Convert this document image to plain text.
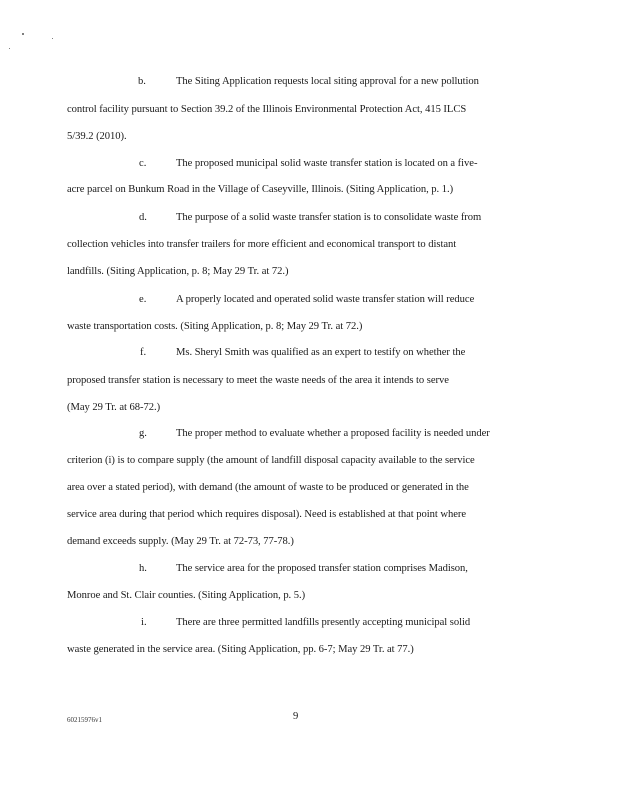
b.	The Siting Application requests local siting approval for a new pollution
control facility pursuant to Section 39.2 of the Illinois Environmental Protection Act, 415 ILCS
5/39.2 (2010).
c.	The proposed municipal solid waste transfer station is located on a five-
acre parcel on Bunkum Road in the Village of Caseyville, Illinois. (Siting Application, p. 1.)
d.	The purpose of a solid waste transfer station is to consolidate waste from
collection vehicles into transfer trailers for more efficient and economical transport to distant
landfills. (Siting Application, p. 8; May 29 Tr. at 72.)
e.	A properly located and operated solid waste transfer station will reduce
waste transportation costs. (Siting Application, p. 8; May 29 Tr. at 72.)
f.	Ms. Sheryl Smith was qualified as an expert to testify on whether the
proposed transfer station is necessary to meet the waste needs of the area it intends to serve
(May 29 Tr. at 68-72.)
g.	The proper method to evaluate whether a proposed facility is needed under
criterion (i) is to compare supply (the amount of landfill disposal capacity available to the service
area over a stated period), with demand (the amount of waste to be produced or generated in the
service area during that period which requires disposal). Need is established at that point where
demand exceeds supply. (May 29 Tr. at 72-73, 77-78.)
h.	The service area for the proposed transfer station comprises Madison,
Monroe and St. Clair counties. (Siting Application, p. 5.)
i.	There are three permitted landfills presently accepting municipal solid
waste generated in the service area. (Siting Application, pp. 6-7; May 29 Tr. at 77.)
60215976v1	9
